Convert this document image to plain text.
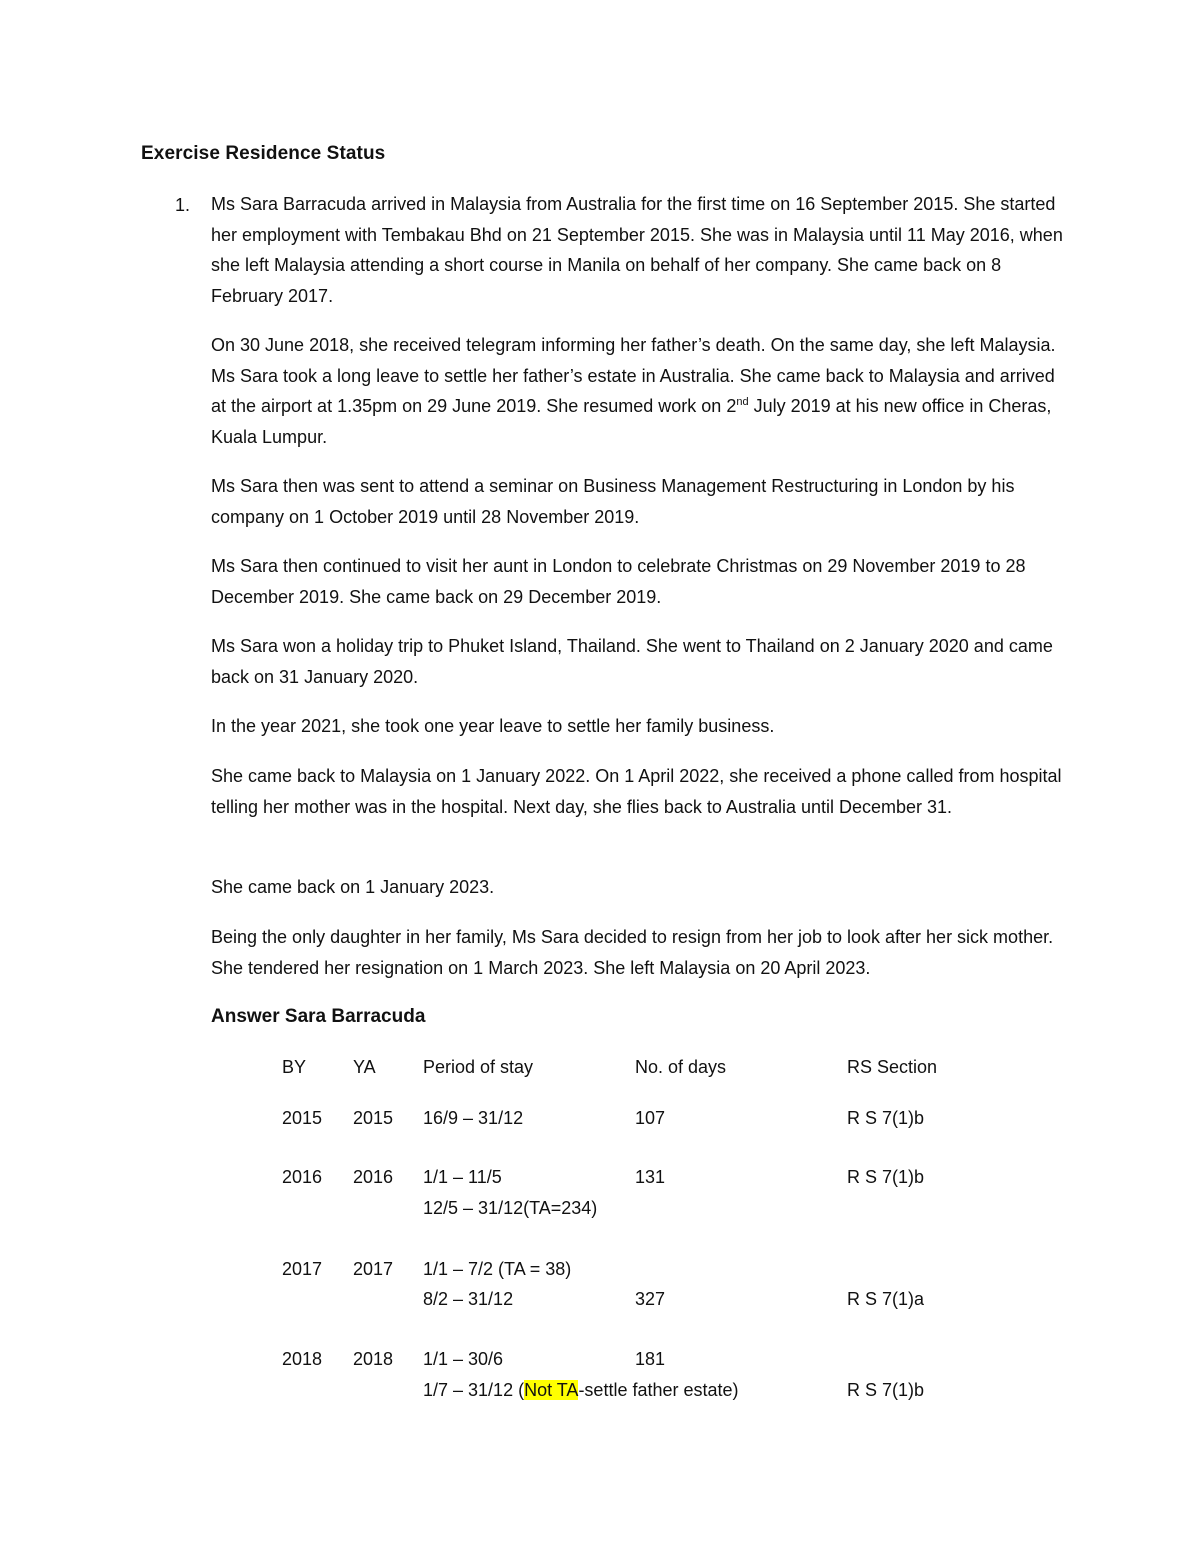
Exercise Residence Status
1. Ms Sara Barracuda arrived in Malaysia from Australia for the first time on 16 September 2015. She started her employment with Tembakau Bhd on 21 September 2015. She was in Malaysia until 11 May 2016, when she left Malaysia attending a short course in Manila on behalf of her company. She came back on 8 February 2017.

On 30 June 2018, she received telegram informing her father’s death. On the same day, she left Malaysia. Ms Sara took a long leave to settle her father’s estate in Australia. She came back to Malaysia and arrived at the airport at 1.35pm on 29 June 2019. She resumed work on 2nd July 2019 at his new office in Cheras, Kuala Lumpur.

Ms Sara then was sent to attend a seminar on Business Management Restructuring in London by his company on 1 October 2019 until 28 November 2019.

Ms Sara then continued to visit her aunt in London to celebrate Christmas on 29 November 2019 to 28 December 2019. She came back on 29 December 2019.

Ms Sara won a holiday trip to Phuket Island, Thailand. She went to Thailand on 2 January 2020 and came back on 31 January 2020.

In the year 2021, she took one year leave to settle her family business.

She came back to Malaysia on 1 January 2022. On 1 April 2022, she received a phone called from hospital telling her mother was in the hospital. Next day, she flies back to Australia until December 31.

She came back on 1 January 2023.

Being the only daughter in her family, Ms Sara decided to resign from her job to look after her sick mother. She tendered her resignation on 1 March 2023. She left Malaysia on 20 April 2023.

Answer Sara Barracuda
BY	YA	Period of stay	No. of days	RS Section
2015 2015 16/9 – 31/12	107	R S 7(1)b
2016 2016 1/1 – 11/5	131	R S 7(1)b
12/5 – 31/12(TA=234)
2017 2017 1/1 – 7/2 (TA = 38)
8/2 – 31/12	327	R S 7(1)a
2018 2018 1/1 – 30/6	181
1/7 – 31/12 (Not TA-settle father estate)	R S 7(1)b
